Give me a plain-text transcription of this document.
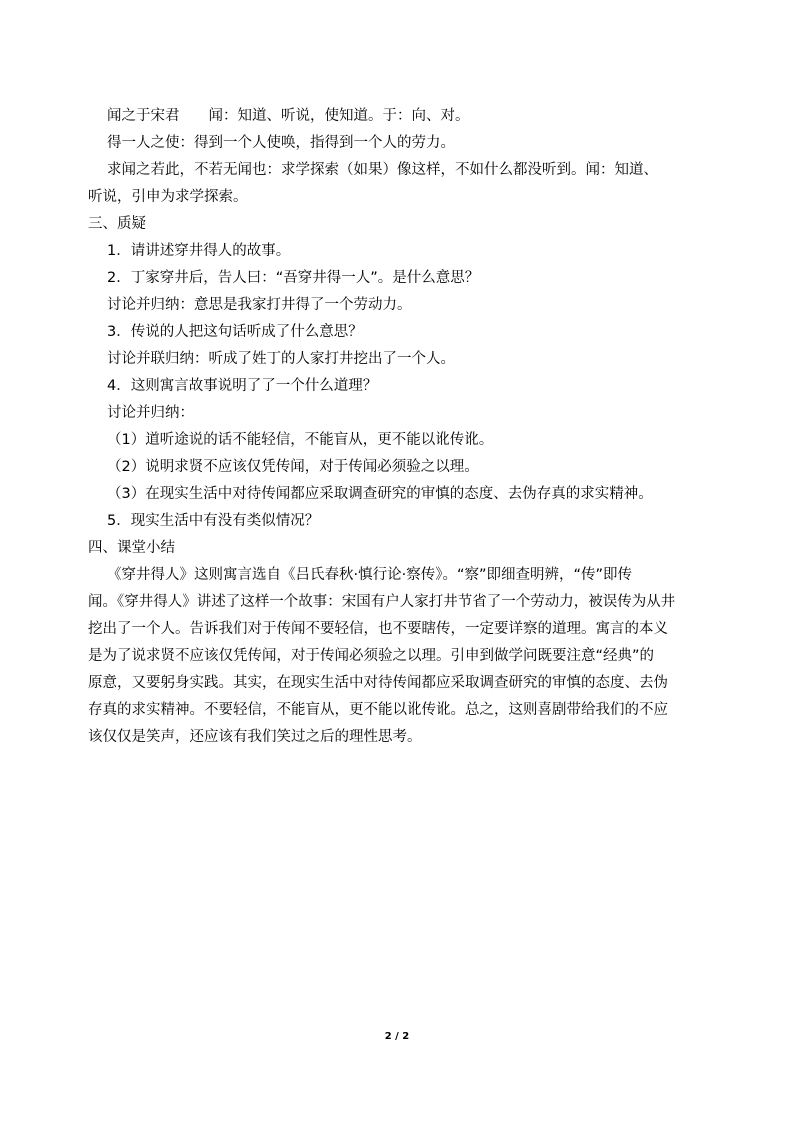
闻之于宋君　　闻：知道、听说，使知道。于：向、对。
得一人之使：得到一个人使唤，指得到一个人的劳力。
求闻之若此，不若无闻也：求学探索（如果）像这样，不如什么都没听到。闻：知道、
听说，引申为求学探索。
三、质疑
1．请讲述穿井得人的故事。
2．丁家穿井后，告人曰：“吾穿井得一人”。是什么意思？
讨论并归纳：意思是我家打井得了一个劳动力。
3．传说的人把这句话听成了什么意思？
讨论并联归纳：听成了姓丁的人家打井挖出了一个人。
4．这则寓言故事说明了了一个什么道理？
讨论并归纳：
（1）道听途说的话不能轻信，不能盲从，更不能以讹传讹。
（2）说明求贤不应该仅凭传闻，对于传闻必须验之以理。
（3）在现实生活中对待传闻都应采取调查研究的审慎的态度、去伪存真的求实精神。
5．现实生活中有没有类似情况？
四、课堂小结
《穿井得人》这则寓言选自《吕氏春秋·慎行论·察传》。“察”即细查明辨，“传”即传
闻。《穿井得人》讲述了这样一个故事：宋国有户人家打井节省了一个劳动力，被误传为从井
挖出了一个人。告诉我们对于传闻不要轻信，也不要瞎传，一定要详察的道理。寓言的本义
是为了说求贤不应该仅凭传闻，对于传闻必须验之以理。引申到做学问既要注意“经典”的
原意，又要躬身实践。其实，在现实生活中对待传闻都应采取调查研究的审慎的态度、去伪
存真的求实精神。不要轻信，不能盲从，更不能以讹传讹。总之，这则喜剧带给我们的不应
该仅仅是笑声，还应该有我们笑过之后的理性思考。
2 / 2
